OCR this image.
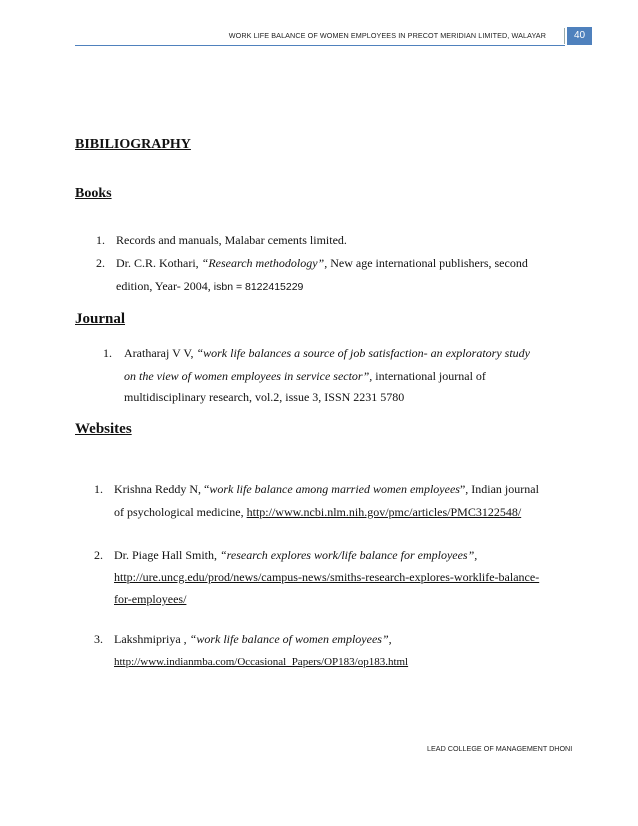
WORK LIFE BALANCE OF WOMEN EMPLOYEES IN PRECOT MERIDIAN LIMITED, WALAYAR	40
BIBILIOGRAPHY
Books
1. Records and manuals, Malabar cements limited.
2. Dr. C.R. Kothari, “Research methodology”, New age international publishers, second
edition, Year- 2004, isbn = 8122415229
Journal
1. Aratharaj V V, “work life balances a source of job satisfaction- an exploratory study
on the view of women employees in service sector”, international journal of
multidisciplinary research, vol.2, issue 3, ISSN 2231 5780
Websites
1. Krishna Reddy N, “work life balance among married women employees”, Indian journal
of psychological medicine, http://www.ncbi.nlm.nih.gov/pmc/articles/PMC3122548/
2. Dr. Piage Hall Smith, “research explores work/life balance for employees”,
http://ure.uncg.edu/prod/news/campus-news/smiths-research-explores-worklife-balance-
for-employees/
3. Lakshmipriya , “work life balance of women employees”,
http://www.indianmba.com/Occasional_Papers/OP183/op183.html
LEAD COLLEGE OF MANAGEMENT DHONI
